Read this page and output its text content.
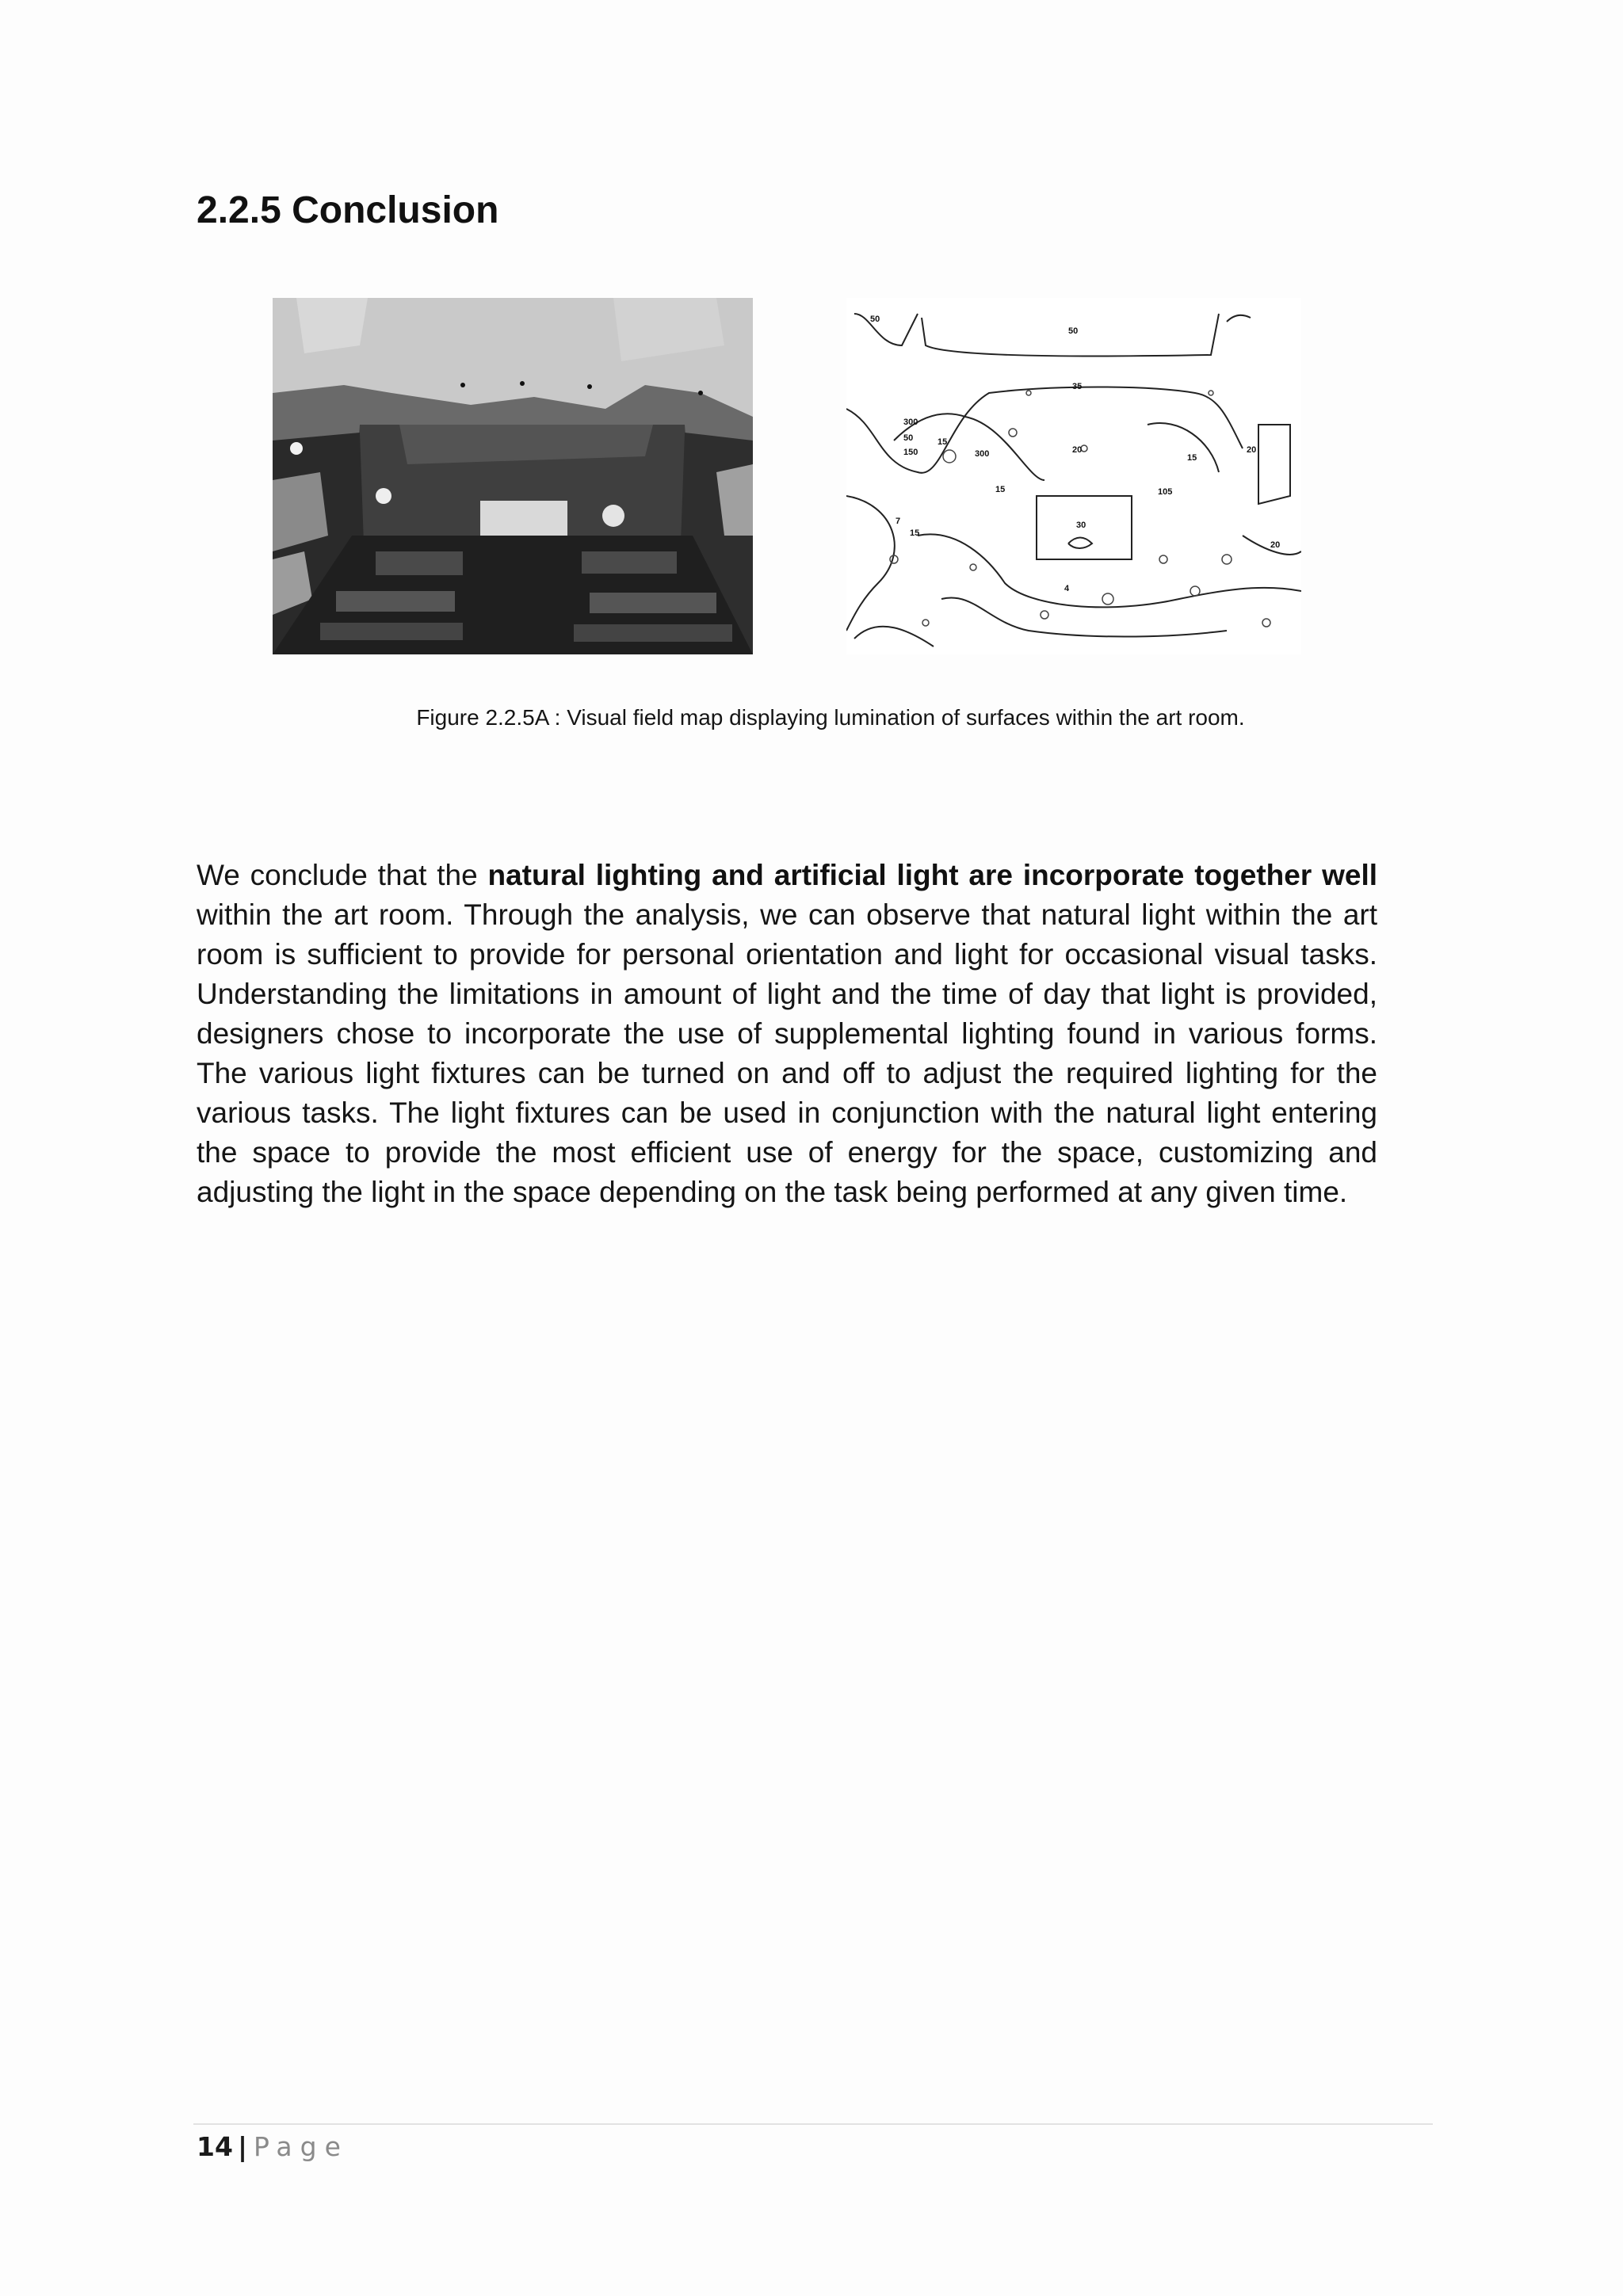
2.2.5 Conclusion
50
50
35
300
50
150
15
300	20
15
20
15	105
30
15
7
4
20
Figure 2.2.5A : Visual field map displaying lumination of surfaces within the art room.

We conclude that the natural lighting and artificial light are incorporate together well within the art room. Through the analysis, we can observe that natural light within the art room is sufficient to provide for personal orientation and light for occasional visual tasks. Understanding the limitations in amount of light and the time of day that light is provided, designers chose to incorporate the use of supplemental lighting found in various forms. The various light fixtures can be turned on and off to adjust the required lighting for the various tasks. The light fixtures can be used in conjunction with the natural light entering the space to provide the most efficient use of energy for the space, customizing and adjusting the light in the space depending on the task being performed at any given time.

14 | Page
